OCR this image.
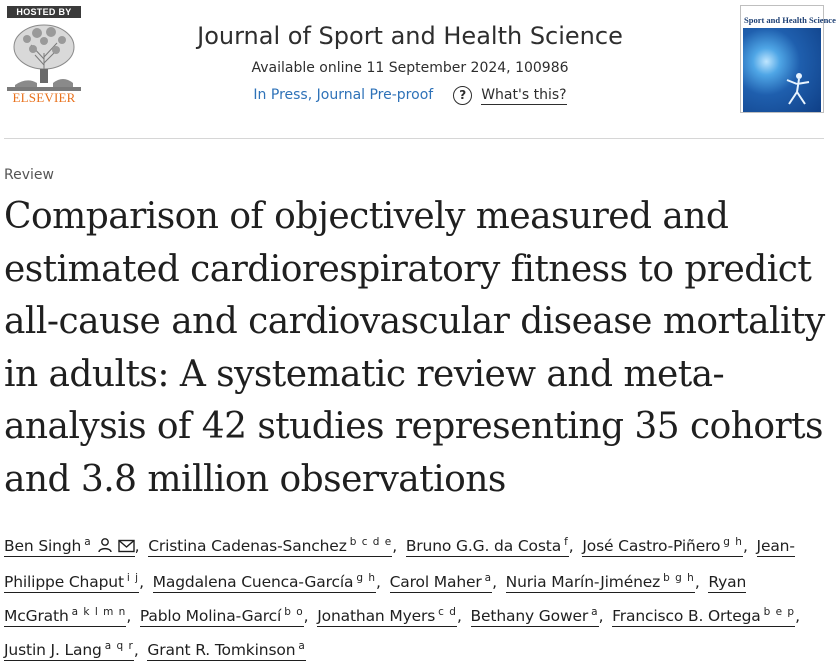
HOSTED BY
ELSEVIER
Journal of Sport and Health Science
Available online 11 September 2024, 100986
In Press, Journal Pre-proof	?	What's this?
Sport and Health Science
Review
Comparison of objectively measured and estimated cardiorespiratory fitness to predict all-cause and cardiovascular disease mortality in adults: A systematic review and meta-analysis of 42 studies representing 35 cohorts and 3.8 million observations
Ben Singh $^a$	, Cristina Cadenas-Sanchez $^{b c d e}$, Bruno G.G. da Costa $^f$, José Castro-Piñero $^{g h}$, Jean-Philippe Chaput $^{i j}$, Magdalena Cuenca-García $^{g h}$, Carol Maher $^a$, Nuria Marín-Jiménez $^{b g h}$, Ryan McGrath $^{a k l m n}$, Pablo Molina-Garcí $^{b o}$, Jonathan Myers $^{c d}$, Bethany Gower $^a$, Francisco B. Ortega $^{b e p}$, Justin J. Lang $^{a q r}$, Grant R. Tomkinson $^a$
